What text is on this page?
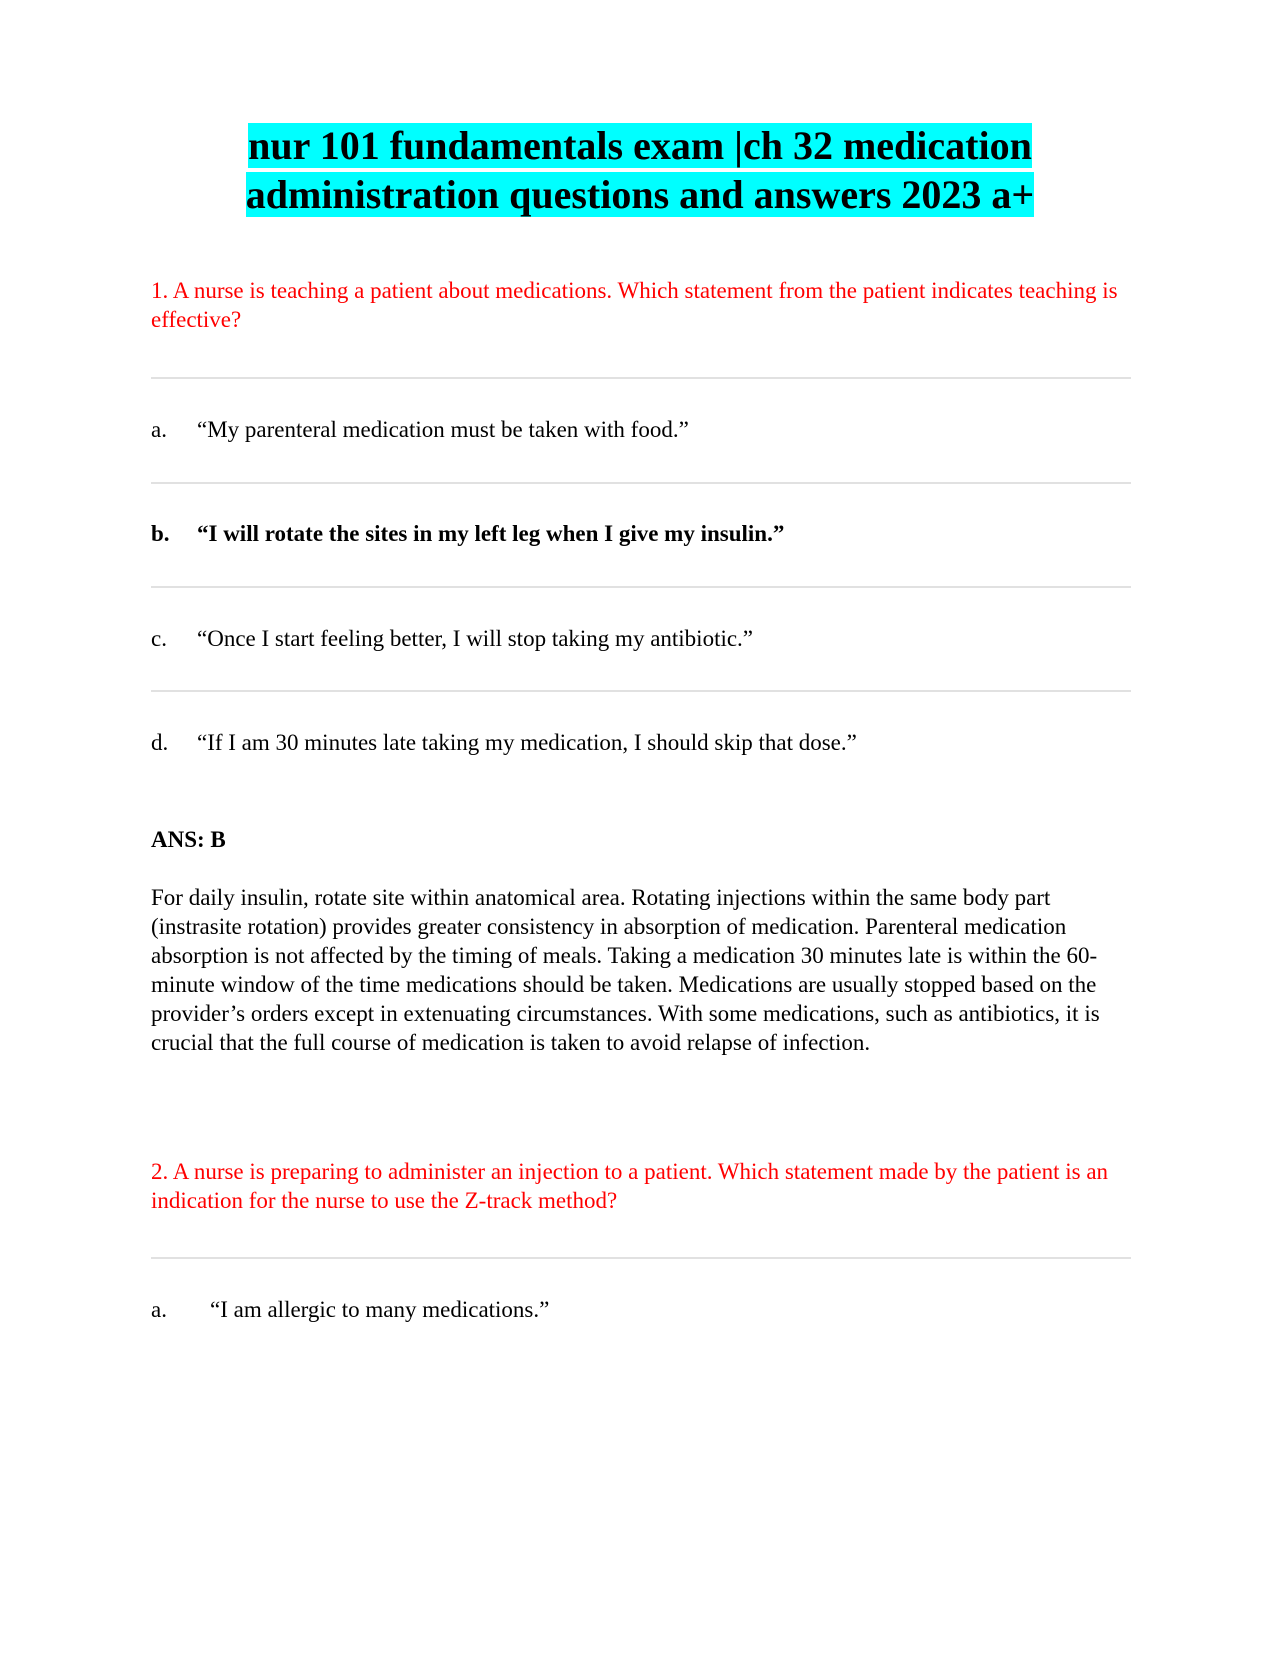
nur 101 fundamentals exam |ch 32 medication administration questions and answers 2023 a+

1. A nurse is teaching a patient about medications. Which statement from the patient indicates teaching is effective?

a. “My parenteral medication must be taken with food.”
b. “I will rotate the sites in my left leg when I give my insulin.”
c. “Once I start feeling better, I will stop taking my antibiotic.”
d. “If I am 30 minutes late taking my medication, I should skip that dose.”

ANS: B

For daily insulin, rotate site within anatomical area. Rotating injections within the same body part (instrasite rotation) provides greater consistency in absorption of medication. Parenteral medication absorption is not affected by the timing of meals. Taking a medication 30 minutes late is within the 60-minute window of the time medications should be taken. Medications are usually stopped based on the provider’s orders except in extenuating circumstances. With some medications, such as antibiotics, it is crucial that the full course of medication is taken to avoid relapse of infection.

2. A nurse is preparing to administer an injection to a patient. Which statement made by the patient is an indication for the nurse to use the Z-track method?

a. “I am allergic to many medications.”
